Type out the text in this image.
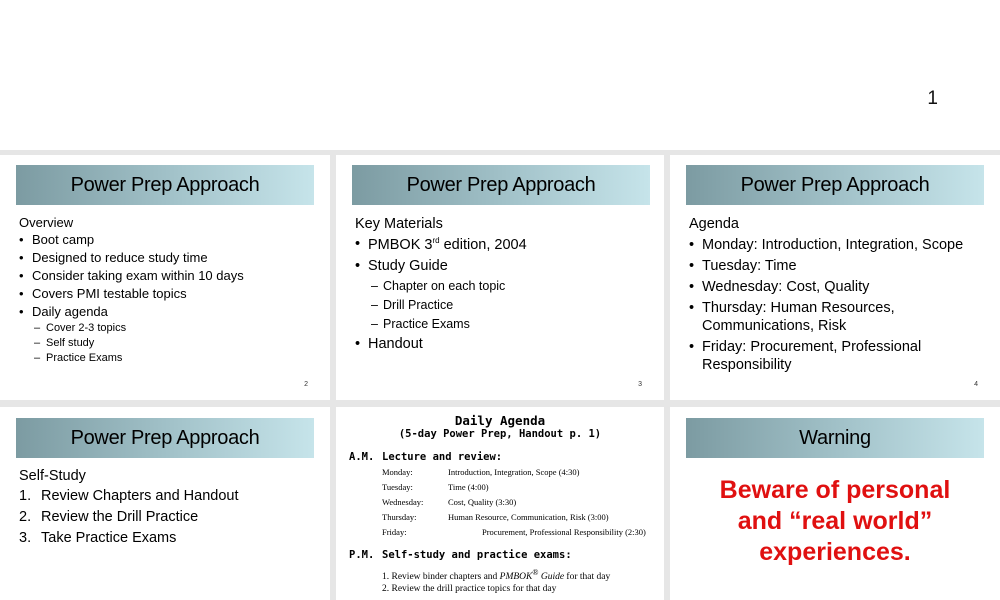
1
Power Prep Approach
Overview
• Boot camp
• Designed to reduce study time
• Consider taking exam within 10 days
• Covers PMI testable topics
• Daily agenda
– Cover 2-3 topics
– Self study
– Practice Exams
2
Power Prep Approach
Key Materials
• PMBOK 3rd edition, 2004
• Study Guide
– Chapter on each topic
– Drill Practice
– Practice Exams
• Handout
3
Power Prep Approach
Agenda
• Monday: Introduction, Integration, Scope
• Tuesday: Time
• Wednesday: Cost, Quality
• Thursday: Human Resources, Communications, Risk
• Friday: Procurement, Professional Responsibility
4
Power Prep Approach
Self-Study
1. Review Chapters and Handout
2. Review the Drill Practice
3. Take Practice Exams
Daily Agenda
(5-day Power Prep, Handout p. 1)
A.M. Lecture and review:
Monday:	Introduction, Integration, Scope (4:30)
Tuesday:	Time (4:00)
Wednesday:	Cost, Quality (3:30)
Thursday:	Human Resource, Communication, Risk (3:00)
Friday:	Procurement, Professional Responsibility (2:30)
P.M. Self-study and practice exams:
1. Review binder chapters and PMBOK® Guide for that day
2. Review the drill practice topics for that day
Warning
Beware of personal
and “real world”
experiences.
